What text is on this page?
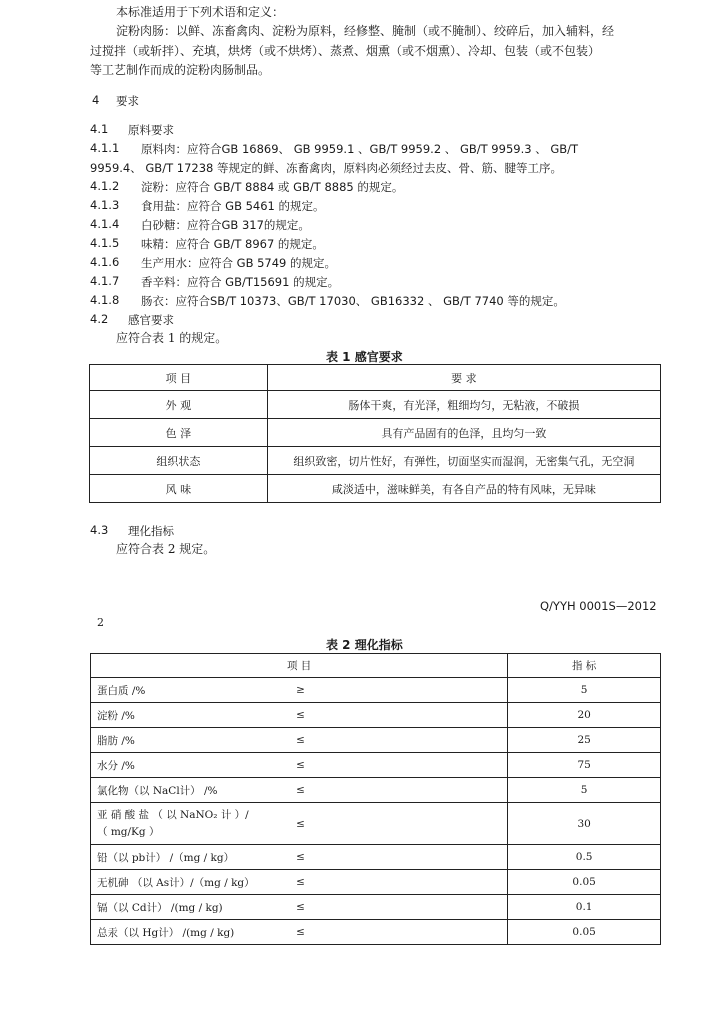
本标准适用于下列术语和定义：
淀粉肉肠：以鲜、冻畜禽肉、淀粉为原料，经修整、腌制（或不腌制）、绞碎后，加入辅料，经
过搅拌（或斩拌）、充填，烘烤（或不烘烤）、蒸煮、烟熏（或不烟熏）、冷却、包装（或不包装）
等工艺制作而成的淀粉肉肠制品。
4 要求
4.1 原料要求
4.1.1 原料肉：应符合GB 16869、 GB 9959.1 、GB/T 9959.2 、 GB/T 9959.3 、 GB/T
9959.4、 GB/T 17238 等规定的鲜、冻畜禽肉，原料肉必须经过去皮、骨、筋、腱等工序。
4.1.2 淀粉：应符合 GB/T 8884 或 GB/T 8885 的规定。
4.1.3 食用盐：应符合 GB 5461 的规定。
4.1.4 白砂糖：应符合GB 317的规定。
4.1.5 味精：应符合 GB/T 8967 的规定。
4.1.6 生产用水：应符合 GB 5749 的规定。
4.1.7 香辛料：应符合 GB/T15691 的规定。
4.1.8 肠衣：应符合SB/T 10373、GB/T 17030、 GB16332 、 GB/T 7740 等的规定。
4.2 感官要求
应符合表 1 的规定。
表 1 感官要求
项 目	要 求
外 观	肠体干爽，有光泽，粗细均匀，无粘液，不破损
色 泽	具有产品固有的色泽，且均匀一致
组织状态	组织致密，切片性好，有弹性，切面坚实而湿润，无密集气孔，无空洞
风 味	咸淡适中，滋味鲜美，有各自产品的特有风味，无异味
4.3 理化指标
应符合表 2 规定。
Q/YYH 0001S—2012
2
表 2 理化指标
项 目		指 标
蛋白质 /%	≥	5
淀粉 /%	≤	20
脂肪 /%	≤	25
水分 /%	≤	75
氯化物（以 NaCl计） /%	≤	5

亚 硝 酸 盐 （ 以 NaNO₂ 计 ）/
（ mg/Kg ）	≤	30
铅（以 pb计） /（mg / kg）	≤	0.5
无机砷 （以 As计）/（mg / kg）	≤	0.05
镉（以 Cd计） /(mg / kg)	≤	0.1
总汞（以 Hg计） /(mg / kg)	≤	0.05
